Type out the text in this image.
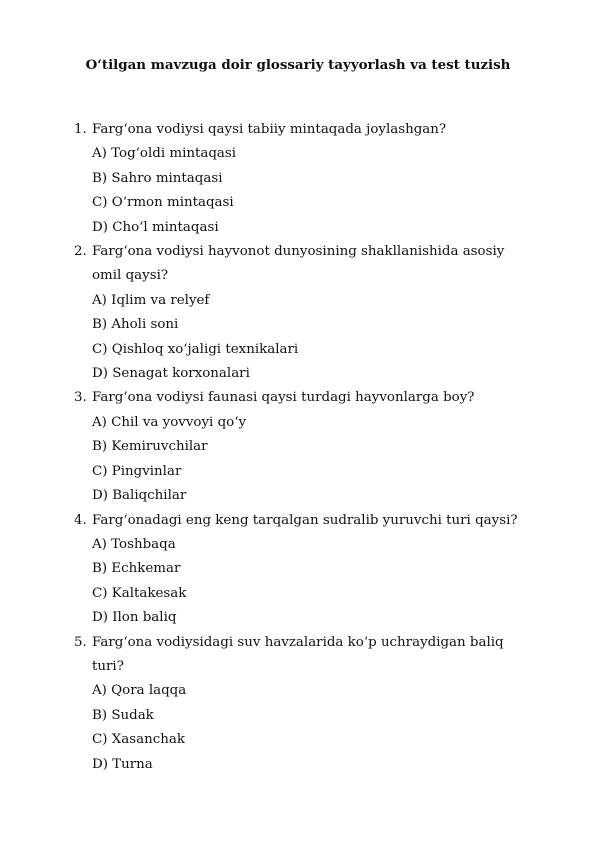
O‘tilgan mavzuga doir glossariy tayyorlash va test tuzish
1. Farg‘ona vodiysi qaysi tabiiy mintaqada joylashgan?
A) Tog‘oldi mintaqasi
B) Sahro mintaqasi
C) O‘rmon mintaqasi
D) Cho‘l mintaqasi
2. Farg‘ona vodiysi hayvonot dunyosining shakllanishida asosiy
omil qaysi?
A) Iqlim va relyef
B) Aholi soni
C) Qishloq xo‘jaligi texnikalari
D) Senagat korxonalari
3. Farg‘ona vodiysi faunasi qaysi turdagi hayvonlarga boy?
A) Chil va yovvoyi qo‘y
B) Kemiruvchilar
C) Pingvinlar
D) Baliqchilar
4. Farg‘onadagi eng keng tarqalgan sudralib yuruvchi turi qaysi?
A) Toshbaqa
B) Echkemar
C) Kaltakesak
D) Ilon baliq
5. Farg‘ona vodiysidagi suv havzalarida ko‘p uchraydigan baliq
turi?
A) Qora laqqa
B) Sudak
C) Xasanchak
D) Turna
